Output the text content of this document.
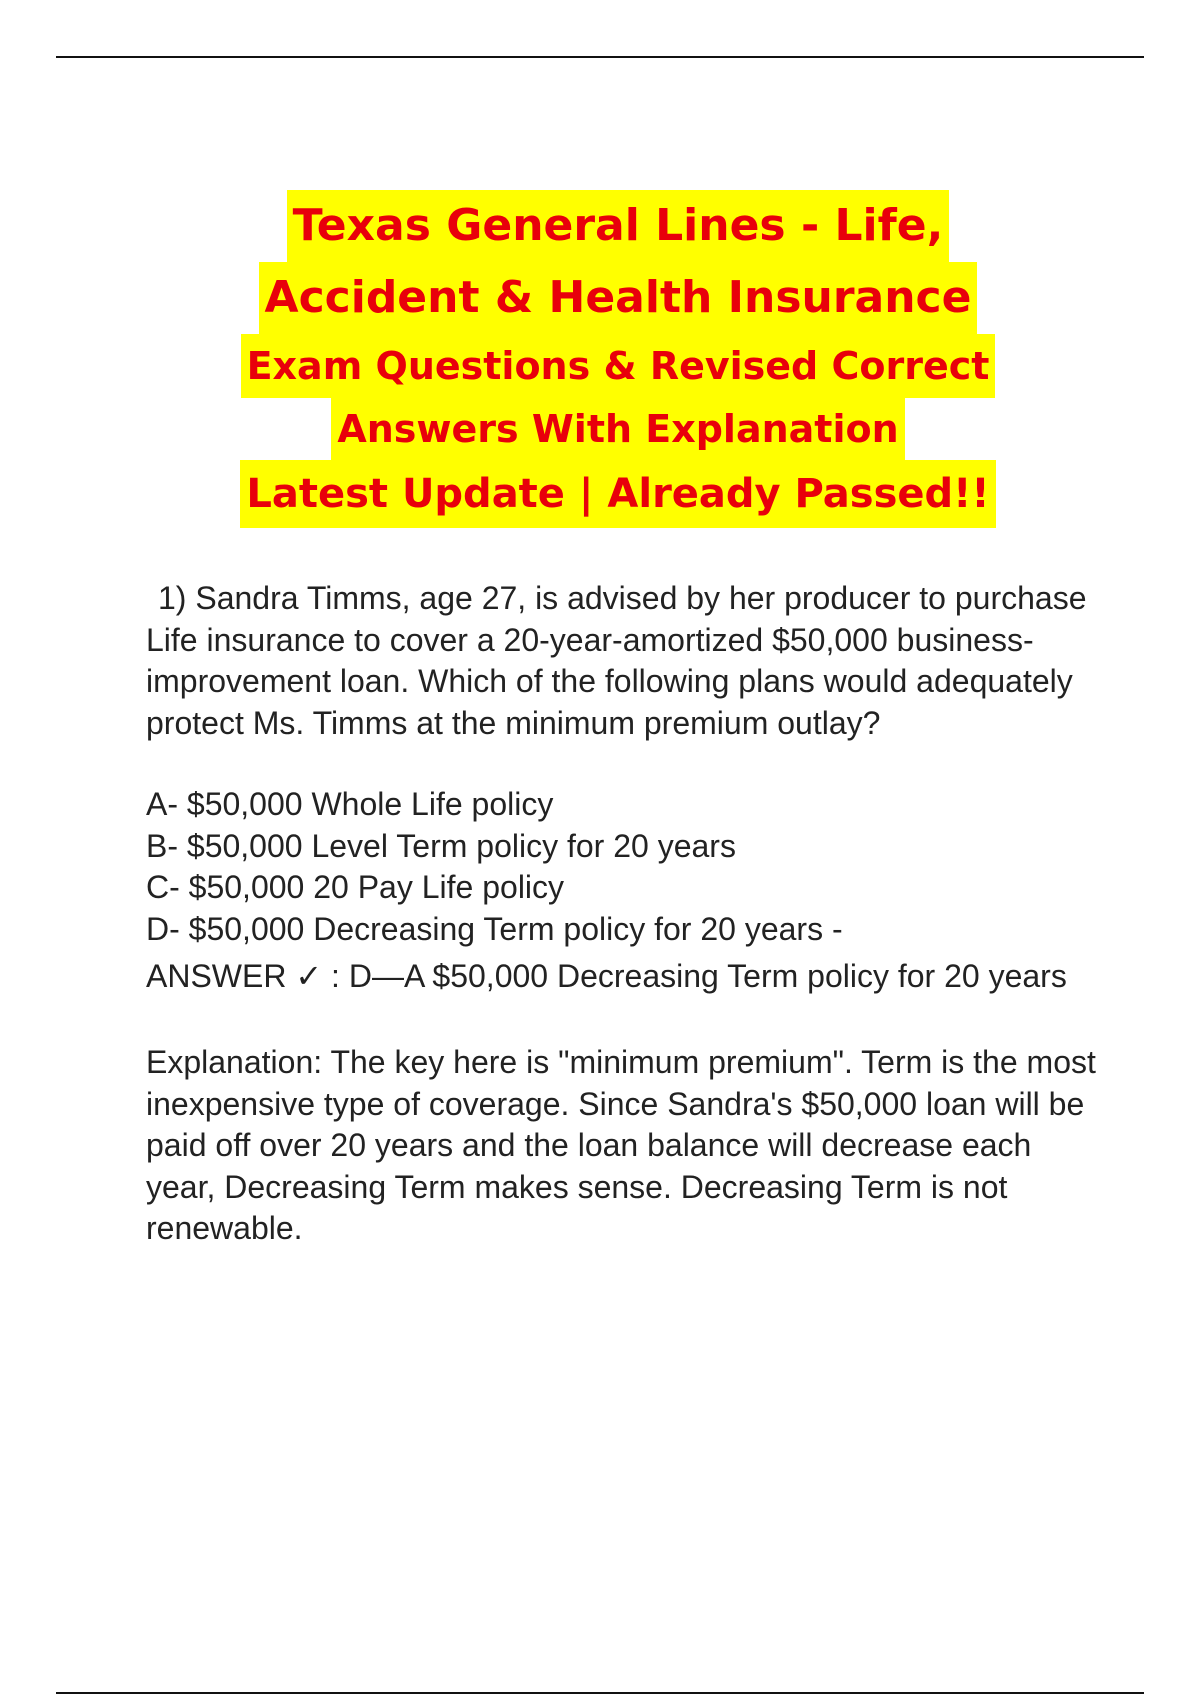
Texas General Lines - Life,
Accident & Health Insurance
Exam Questions & Revised Correct
Answers With Explanation
Latest Update | Already Passed!!

1) Sandra Timms, age 27, is advised by her producer to purchase Life insurance to cover a 20-year-amortized $50,000 business-improvement loan. Which of the following plans would adequately protect Ms. Timms at the minimum premium outlay?

A- $50,000 Whole Life policy
B- $50,000 Level Term policy for 20 years
C- $50,000 20 Pay Life policy
D- $50,000 Decreasing Term policy for 20 years -

ANSWER ✓ : D—A $50,000 Decreasing Term policy for 20 years

Explanation: The key here is "minimum premium". Term is the most inexpensive type of coverage. Since Sandra's $50,000 loan will be paid off over 20 years and the loan balance will decrease each year, Decreasing Term makes sense. Decreasing Term is not renewable.
